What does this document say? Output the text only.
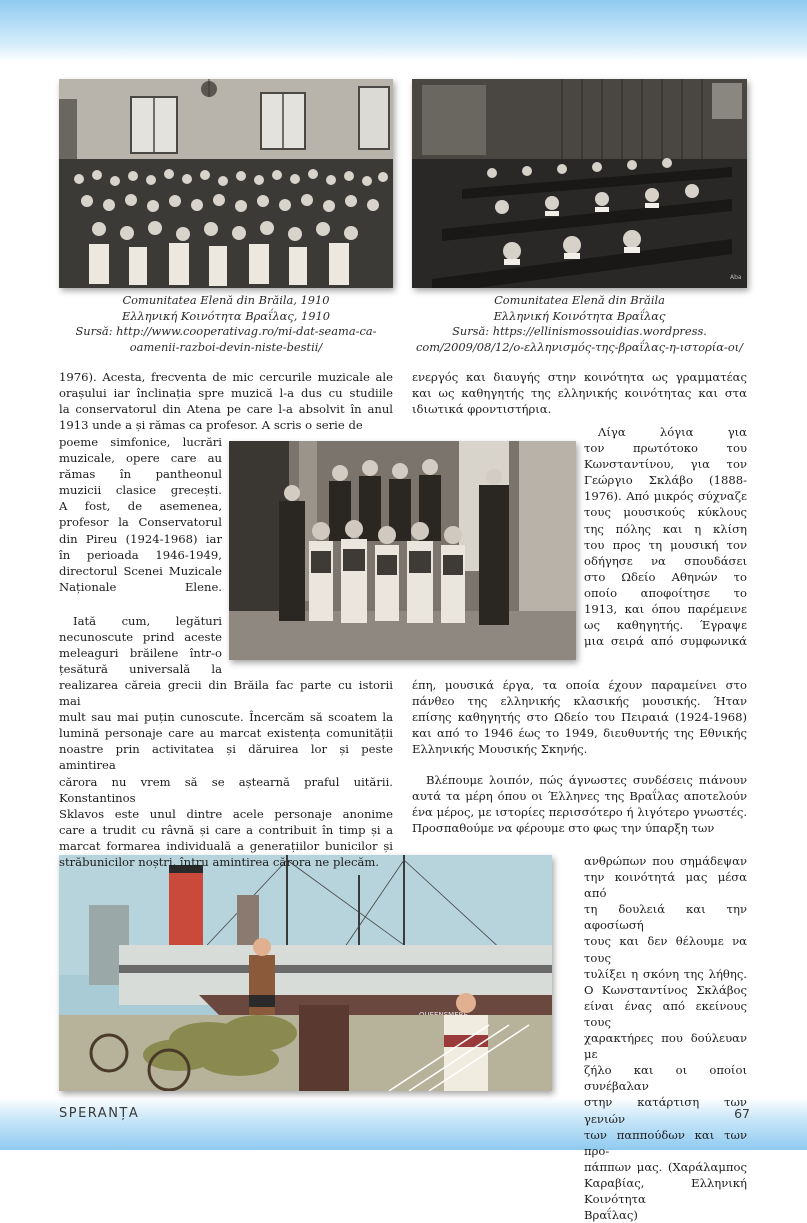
Aba
Comunitatea Elenă din Brăila, 1910
Ελληνική Κοινότητα Βραΐλας, 1910
Sursă: http://www.cooperativag.ro/mi-dat-seama-ca-
oamenii-razboi-devin-niste-bestii/
Comunitatea Elenă din Brăila
Ελληνική Κοινότητα Βραΐλας
Sursă: https://ellinismossouidias.wordpress.
com/2009/08/12/ο-ελληνισμός-της-βραΐλας-η-ιστορία-οι/

1976). Acesta, frecventa de mic cercurile muzicale ale

orașului iar înclinația spre muzică l-a dus cu studiile

la conservatorul din Atena pe care l-a absolvit în anul

1913 unde a și rămas ca profesor. A scris o serie de

poeme simfonice, lucrări

muzicale, opere care au

rămas în pantheonul

muzicii clasice grecești.

A fost, de asemenea,

profesor la Conservatorul

din Pireu (1924-1968) iar

în perioada 1946-1949,

directorul Scenei Muzicale

Naționale Elene.

Iată cum, legături

necunoscute prind aceste

meleaguri brăilene într-o

țesătură universală la

realizarea căreia grecii din Brăila fac parte cu istorii mai

mult sau mai puțin cunoscute. Încercăm să scoatem la

lumină personaje care au marcat existența comunității

noastre prin activitatea și dăruirea lor și peste amintirea

cărora nu vrem să se aștearnă praful uitării. Konstantinos

Sklavos este unul dintre acele personaje anonime

care a trudit cu râvnă și care a contribuit în timp și a

marcat formarea individuală a generațiilor bunicilor și

străbunicilor noștri, întru amintirea cărora ne plecăm.

ενεργός και διαυγής στην κοινότητα ως γραμματέας

και ως καθηγητής της ελληνικής κοινότητας και στα

ιδιωτικά φροντιστήρια.

Λίγα λόγια για

τον πρωτότοκο του

Κωνσταντίνου, για τον

Γεώργιο Σκλάβο (1888-

1976). Από μικρός σύχναζε

τους μουσικούς κύκλους

της πόλης και η κλίση

του προς τη μουσική τον

οδήγησε να σπουδάσει

στο Ωδείο Αθηνών το

οποίο αποφοίτησε το

1913, και όπου παρέμεινε

ως καθηγητής. Έγραψε

μια σειρά από συμφωνικά

έπη, μουσικά έργα, τα οποία έχουν παραμείνει στο

πάνθεο της ελληνικής κλασικής μουσικής. Ήταν

επίσης καθηγητής στο Ωδείο του Πειραιά (1924-1968)

και από το 1946 έως το 1949, διευθυντής της Εθνικής

Ελληνικής Μουσικής Σκηνής.

Βλέπουμε λοιπόν, πώς άγνωστες συνδέσεις πιάνουν

αυτά τα μέρη όπου οι Έλληνες της Βραΐλας αποτελούν

ένα μέρος, με ιστορίες περισσότερο ή λιγότερο γνωστές.

Προσπαθούμε να φέρουμε στο φως την ύπαρξη των

ανθρώπων που σημάδεψαν

την κοινότητά μας μέσα από

τη δουλειά και την αφοσίωσή

τους και δεν θέλουμε να τους

τυλίξει η σκόνη της λήθης.

Ο Κωνσταντίνος Σκλάβος

είναι ένας από εκείνους τους

χαρακτήρες που δούλευαν με

ζήλο και οι οποίοι συνέβαλαν

στην κατάρτιση των γενιών

των παππούδων και των προ-

πάππων μας. (Χαράλαμπος

Καραβίας, Ελληνική Κοινότητα

Βραΐλας)

SPERANȚA	67
